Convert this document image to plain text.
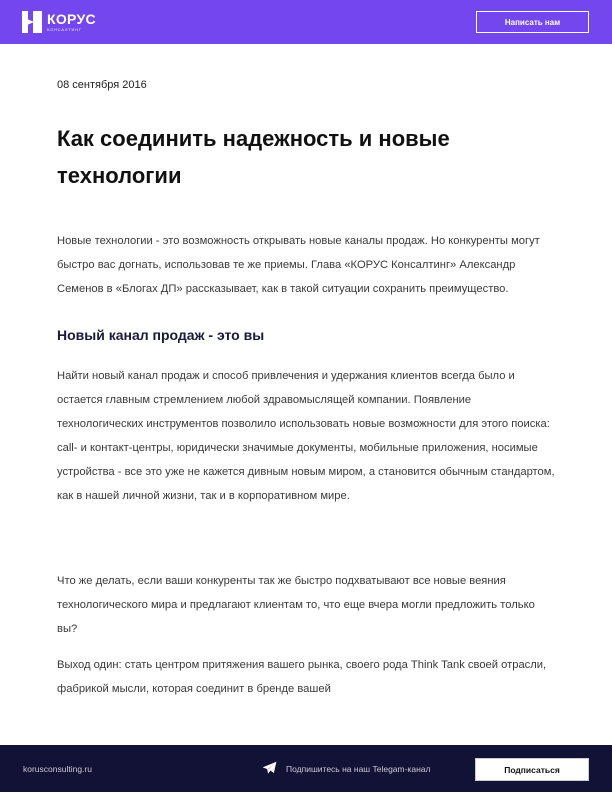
КОРУС
КОНСАЛТИНГ
Написать нам
08 сентября 2016
Как соединить надежность и новые технологии

Новые технологии - это возможность открывать новые каналы продаж. Но конкуренты могут быстро вас догнать, использовав те же приемы. Глава «КОРУС Консалтинг» Александр Семенов в «Блогах ДП» рассказывает, как в такой ситуации сохранить преимущество.

Новый канал продаж - это вы

Найти новый канал продаж и способ привлечения и удержания клиентов всегда было и остается главным стремлением любой здравомыслящей компании. Появление технологических инструментов позволило использовать новые возможности для этого поиска: call- и контакт-центры, юридически значимые документы, мобильные приложения, носимые устройства - все это уже не кажется дивным новым миром, а становится обычным стандартом, как в нашей личной жизни, так и в корпоративном мире.

Что же делать, если ваши конкуренты так же быстро подхватывают все новые веяния технологического мира и предлагают клиентам то, что еще вчера могли предложить только вы?

Выход один: стать центром притяжения вашего рынка, своего рода Think Tank своей отрасли, фабрикой мысли, которая соединит в бренде вашей

korusconsulting.ru	Подпишитесь на наш Telegam-канал	Подписаться
